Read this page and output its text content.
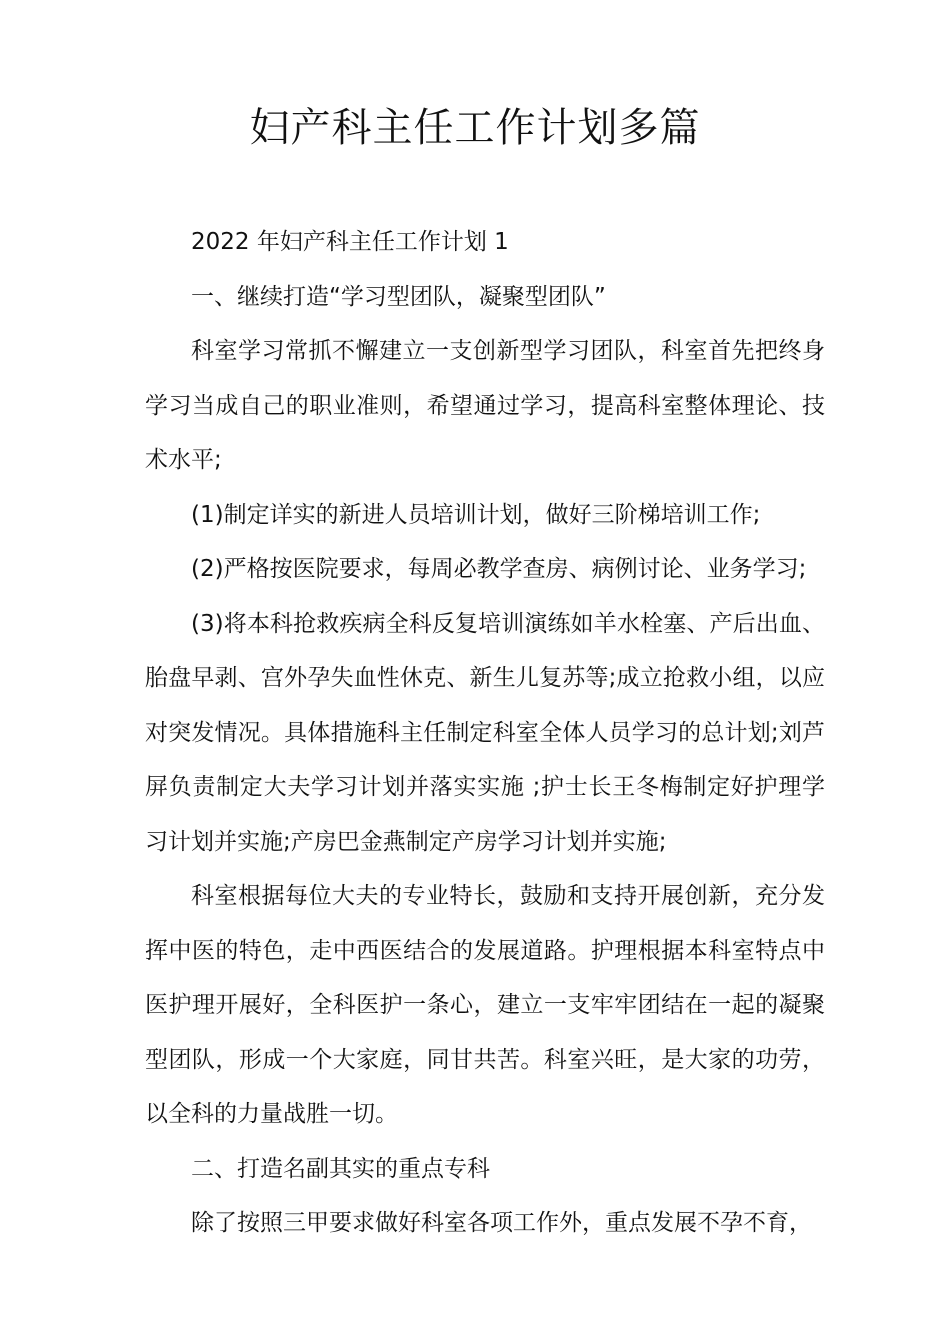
妇产科主任工作计划多篇

2022 年妇产科主任工作计划 1

一、继续打造“学习型团队，凝聚型团队”

科室学习常抓不懈建立一支创新型学习团队，科室首先把终身学习当成自己的职业准则，希望通过学习，提高科室整体理论、技术水平;

(1)制定详实的新进人员培训计划，做好三阶梯培训工作;

(2)严格按医院要求，每周必教学查房、病例讨论、业务学习;

(3)将本科抢救疾病全科反复培训演练如羊水栓塞、产后出血、胎盘早剥、宫外孕失血性休克、新生儿复苏等;成立抢救小组，以应对突发情况。具体措施科主任制定科室全体人员学习的总计划;刘芦屏负责制定大夫学习计划并落实实施 ;护士长王冬梅制定好护理学习计划并实施;产房巴金燕制定产房学习计划并实施;

科室根据每位大夫的专业特长，鼓励和支持开展创新，充分发挥中医的特色，走中西医结合的发展道路。护理根据本科室特点中医护理开展好，全科医护一条心，建立一支牢牢团结在一起的凝聚型团队，形成一个大家庭，同甘共苦。科室兴旺，是大家的功劳，以全科的力量战胜一切。

二、打造名副其实的重点专科

除了按照三甲要求做好科室各项工作外，重点发展不孕不育，
